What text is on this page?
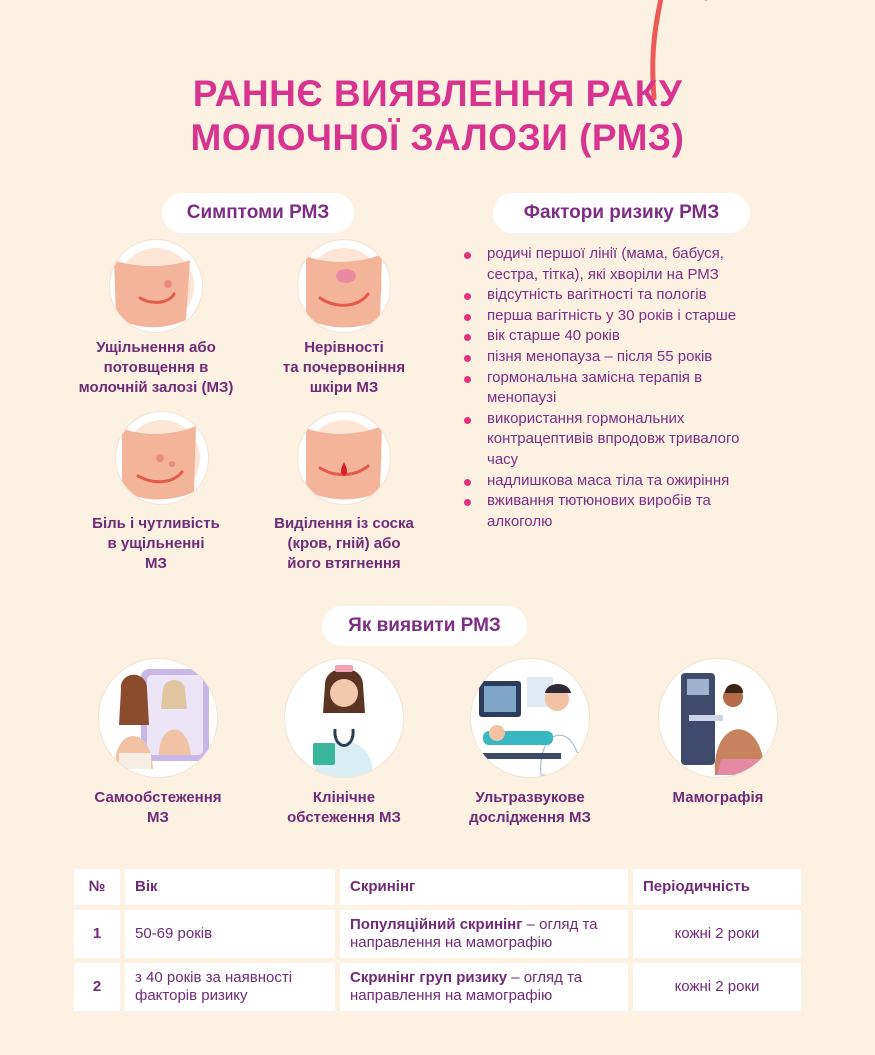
РАННЄ ВИЯВЛЕННЯ РАКУ
МОЛОЧНОЇ ЗАЛОЗИ (РМЗ)
Симптоми РМЗ	Фактори ризику РМЗ
Ущільнення або
потовщення в
молочній залозі (МЗ)
Нерівності
та почервоніння
шкіри МЗ
Біль і чутливість
в ущільненні
МЗ
Виділення із соска
(кров, гній) або
його втягнення
родичі першої лінії (мама, бабуся, сестра, тітка), які хворіли на РМЗ
відсутність вагітності та пологів
перша вагітність у 30 років і старше
вік старше 40 років
пізня менопауза – після 55 років
гормональна замісна терапія в менопаузі
використання гормональних контрацептивів впродовж тривалого часу
надлишкова маса тіла та ожиріння
вживання тютюнових виробів та алкоголю
Як виявити РМЗ
Самообстеження
МЗ
Клінічне
обстеження МЗ
Ультразвукове
дослідження МЗ
Мамографія
№	Вік	Скринінг	Періодичність
1	50-69 років	Популяційний скринінг – огляд та направлення на мамографію	кожні 2 роки
2	з 40 років за наявності факторів ризику	Скринінг груп ризику – огляд та направлення на мамографію	кожні 2 роки
